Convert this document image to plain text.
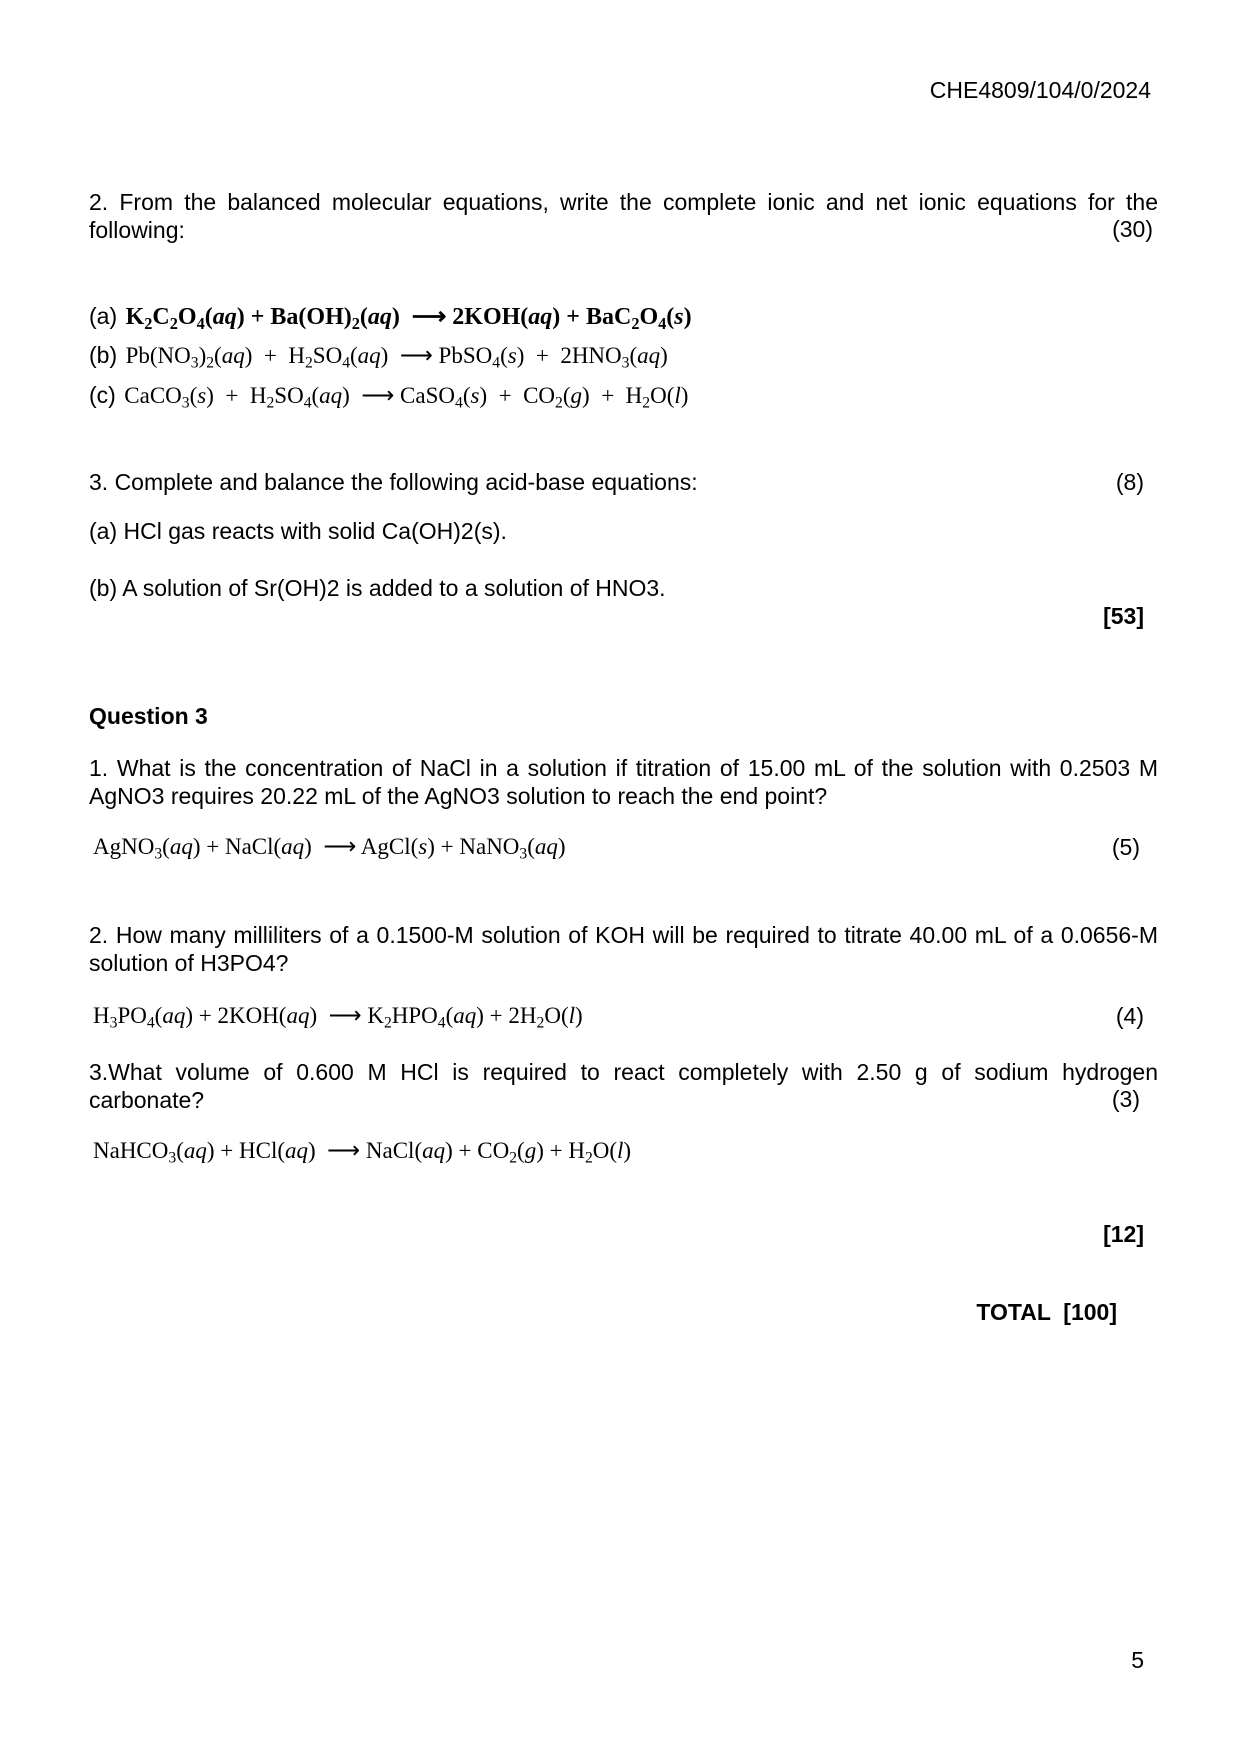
CHE4809/104/0/2024
2. From the balanced molecular equations, write the complete ionic and net ionic equations for the following:	(30)
(a) $K_2C_2O_4(aq) + Ba(OH)_2(aq)$  ⟶ $2KOH(aq) + BaC_2O_4(s)$
(b) $Pb(NO_3)_2(aq) + H_2SO_4(aq)$  ⟶ PbSO$_4$(s)  +  $2HNO_3(aq)$
(c) CaCO$_3$(s)  +  $H_2SO_4(aq)$  ⟶ CaSO$_4$(s)  +  $CO_2(g) + H_2O(l)$
3. Complete and balance the following acid-base equations:	(8)
(a) HCl gas reacts with solid Ca(OH)2(s).
(b) A solution of Sr(OH)2 is added to a solution of HNO3.
[53]
Question 3
1. What is the concentration of NaCl in a solution if titration of 15.00 mL of the solution with 0.2503 M AgNO3 requires 20.22 mL of the AgNO3 solution to reach the end point?
AgNO$_3$(aq) + NaCl(aq)  ⟶ AgCl(s) + NaNO$_3$(aq)	(5)
2. How many milliliters of a 0.1500-M solution of KOH will be required to titrate 40.00 mL of a 0.0656-M solution of H3PO4?
$H_3PO_4(aq) + 2KOH(aq)$  ⟶ $K_2HPO_4(aq) + 2H_2O(l)$	(4)
3.What volume of 0.600 M HCl is required to react completely with 2.50 g of sodium hydrogen carbonate?	(3)
NaHCO$_3$(aq) + HCl(aq)  ⟶ NaCl(aq) + $CO_2(g) + H_2O(l)$
[12]
TOTAL  [100]
5
